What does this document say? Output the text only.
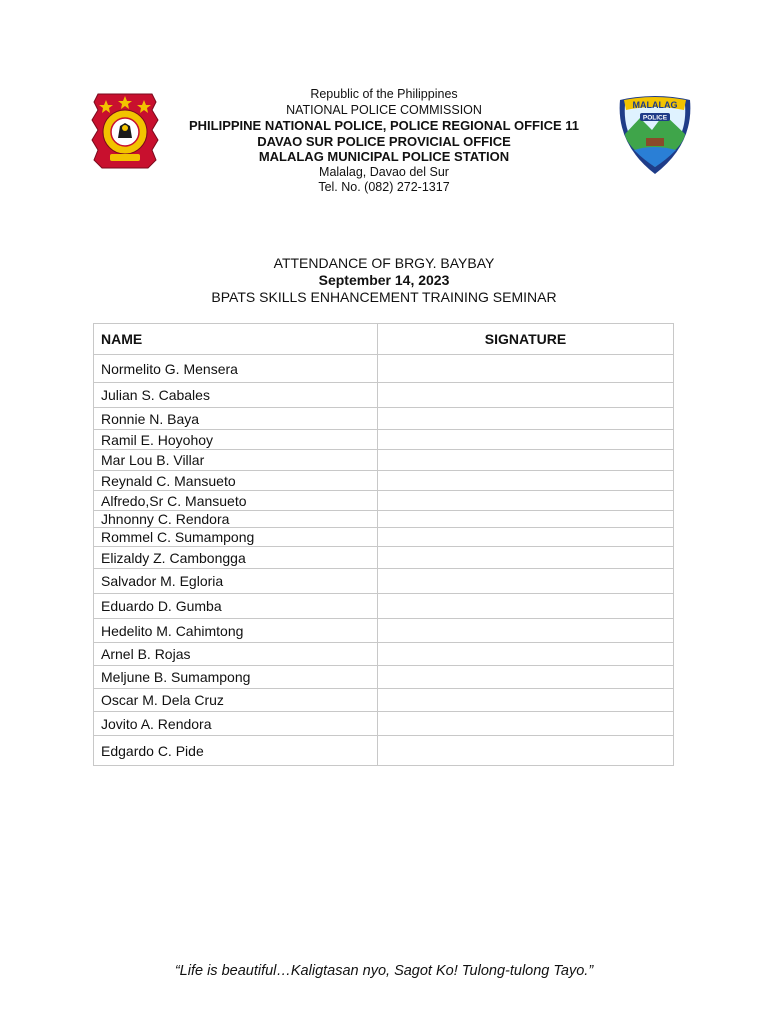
MALALAG
POLICE
Republic of the Philippines
NATIONAL POLICE COMMISSION
PHILIPPINE NATIONAL POLICE, POLICE REGIONAL OFFICE 11
DAVAO SUR POLICE PROVICIAL OFFICE
MALALAG MUNICIPAL POLICE STATION
Malalag, Davao del Sur
Tel. No. (082) 272-1317
ATTENDANCE OF BRGY. BAYBAY
September 14, 2023
BPATS SKILLS ENHANCEMENT TRAINING SEMINAR
NAME	SIGNATURE
Normelito G. Mensera	
Julian S. Cabales	
Ronnie N. Baya	
Ramil E. Hoyohoy	
Mar Lou B. Villar	
Reynald C. Mansueto	
Alfredo,Sr C. Mansueto	
Jhnonny C. Rendora	
Rommel C. Sumampong	
Elizaldy Z. Cambongga	
Salvador M. Egloria	
Eduardo D. Gumba	
Hedelito M. Cahimtong	
Arnel B. Rojas	
Meljune B. Sumampong	
Oscar M. Dela Cruz	
Jovito A. Rendora	
Edgardo C. Pide	
“Life is beautiful…Kaligtasan nyo, Sagot Ko! Tulong-tulong Tayo.”
